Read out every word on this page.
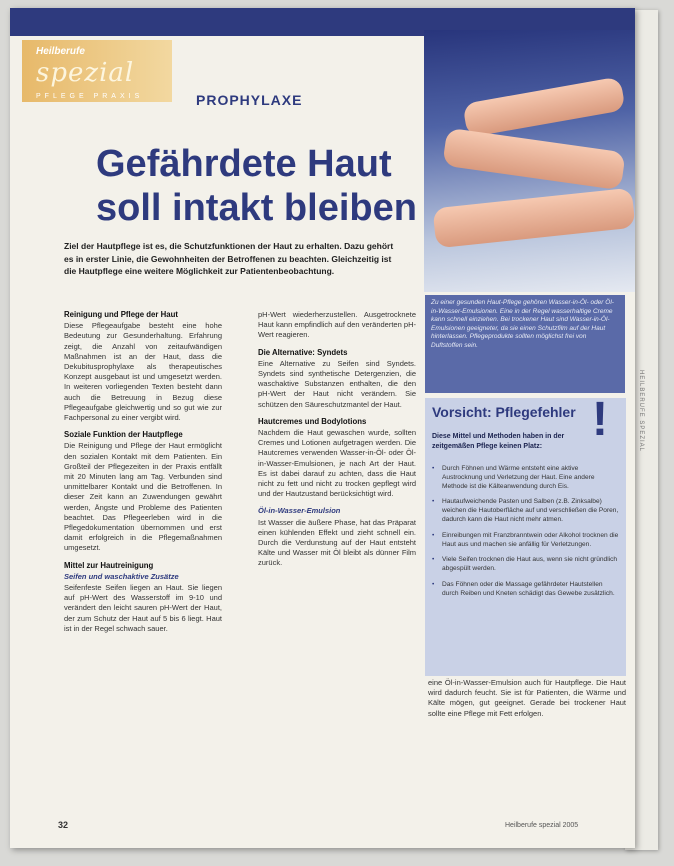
HEILBERUFE SPEZIAL
Heilberufe
spezial
PFLEGE PRAXIS	PROPHYLAXE
Gefährdete Haut soll intakt bleiben
Ziel der Hautpflege ist es, die Schutzfunktionen der Haut zu erhalten. Dazu gehört es in erster Linie, die Gewohnheiten der Betroffenen zu beachten. Gleichzeitig ist die Hautpflege eine weitere Möglichkeit zur Patientenbeobachtung.
Reinigung und Pflege der Haut

Diese Pflegeaufgabe besteht eine hohe Bedeutung zur Gesunderhaltung. Erfahrung zeigt, die Anzahl von zeitaufwändigen Maßnahmen ist an der Haut, dass die Dekubitusprophylaxe als therapeutisches Konzept ausgebaut ist und umgesetzt werden. In weiteren vorliegenden Texten besteht dann auch die Betreuung in Bezug diese Pflegeaufgabe gleichwertig und so gut wie zur Fachpersonal zu einer vergibt wird.

Soziale Funktion der Hautpflege

Die Reinigung und Pflege der Haut ermöglicht den sozialen Kontakt mit dem Patienten. Ein Großteil der Pflegezeiten in der Praxis entfällt mit 20 Minuten lang am Tag. Verbunden sind unmittelbarer Kontakt und die Betroffenen. In dieser Zeit kann an Zuwendungen gewährt werden, Ängste und Probleme des Patienten beachtet. Das Pflegeerleben wird in die Pflegedokumentation übernommen und erst damit erfolgreich in die Pflegemaßnahmen umgesetzt.

Mittel zur Hautreinigung
Seifen und waschaktive Zusätze

Seifenfeste Seifen liegen an Haut. Sie liegen auf pH-Wert des Wasserstoff im 9-10 und verändert den leicht sauren pH-Wert der Haut, der zum Schutz der Haut auf 5 bis 6 liegt. Haut ist in der Regel schwach sauer.

pH-Wert wiederherzustellen. Ausgetrocknete Haut kann empfindlich auf den veränderten pH-Wert reagieren.

Die Alternative: Syndets

Eine Alternative zu Seifen sind Syndets. Syndets sind synthetische Detergenzien, die waschaktive Substanzen enthalten, die den pH-Wert der Haut nicht verändern. Sie schützen den Säureschutzmantel der Haut.

Hautcremes und Bodylotions

Nachdem die Haut gewaschen wurde, sollten Cremes und Lotionen aufgetragen werden. Die Hautcremes verwenden Wasser-in-Öl- oder Öl-in-Wasser-Emulsionen, je nach Art der Haut. Es ist dabei darauf zu achten, dass die Haut nicht zu fett und nicht zu trocken gepflegt wird und der Hautzustand berücksichtigt wird.

Öl-in-Wasser-Emulsion

Ist Wasser die äußere Phase, hat das Präparat einen kühlenden Effekt und zieht schnell ein. Durch die Verdunstung auf der Haut entsteht Kälte und Wasser mit Öl bleibt als dünner Film zurück.

Zu einer gesunden Haut-Pflege gehören Wasser-in-Öl- oder Öl-in-Wasser-Emulsionen. Eine in der Regel wasserhaltige Creme kann schnell einziehen. Bei trockener Haut sind Wasser-in-Öl-Emulsionen geeigneter, da sie einen Schutzfilm auf der Haut hinterlassen. Pflegeprodukte sollten möglichst frei von Duftstoffen sein.
Vorsicht: Pflegefehler !
Diese Mittel und Methoden haben in der zeitgemäßen Pflege keinen Platz:
• Durch Föhnen und Wärme entsteht eine aktive Austrocknung und Verletzung der Haut. Eine andere Methode ist die Kälteanwendung durch Eis.
• Hautaufweichende Pasten und Salben (z.B. Zinksalbe) weichen die Hautoberfläche auf und verschließen die Poren, dadurch kann die Haut nicht mehr atmen.
• Einreibungen mit Franzbranntwein oder Alkohol trocknen die Haut aus und machen sie anfällig für Verletzungen.
• Viele Seifen trocknen die Haut aus, wenn sie nicht gründlich abgespült werden.
• Das Föhnen oder die Massage gefährdeter Hautstellen durch Reiben und Kneten schädigt das Gewebe zusätzlich.

eine Öl-in-Wasser-Emulsion auch für Hautpflege. Die Haut wird dadurch feucht. Sie ist für Patienten, die Wärme und Kälte mögen, gut geeignet. Gerade bei trockener Haut sollte eine Pflege mit Fett erfolgen.

32	Heilberufe spezial 2005
